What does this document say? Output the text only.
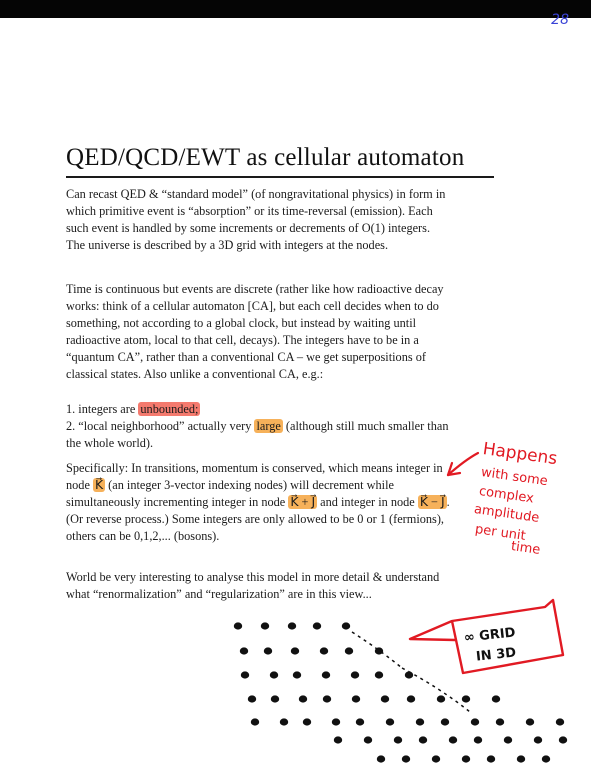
28
QED/QCD/EWT as cellular automaton

Can recast QED & “standard model” (of nongravitational physics) in form in which primitive event is “absorption” or its time-reversal (emission). Each such event is handled by some increments or decrements of O(1) integers. The universe is described by a 3D grid with integers at the nodes.

Time is continuous but events are discrete (rather like how radioactive decay works: think of a cellular automaton [CA], but each cell decides when to do something, not according to a global clock, but instead by waiting until radioactive atom, local to that cell, decays). The integers have to be in a “quantum CA”, rather than a conventional CA – we get superpositions of classical states. Also unlike a conventional CA, e.g.:

1. integers are unbounded;

2. “local neighborhood” actually very large (although still much smaller than the whole world).

Specifically: In transitions, momentum is conserved, which means integer in node K⃗ (an integer 3-vector indexing nodes) will decrement while simultaneously incrementing integer in node K⃗ + J⃗ and integer in node K⃗ − J⃗ . (Or reverse process.) Some integers are only allowed to be 0 or 1 (fermions), others can be 0,1,2,... (bosons).

World be very interesting to analyse this model in more detail & understand what “renormalization” and “regularization” are in this view...

Happens
with some
complex
amplitude
per unit
time
∞ GRID
IN 3D
